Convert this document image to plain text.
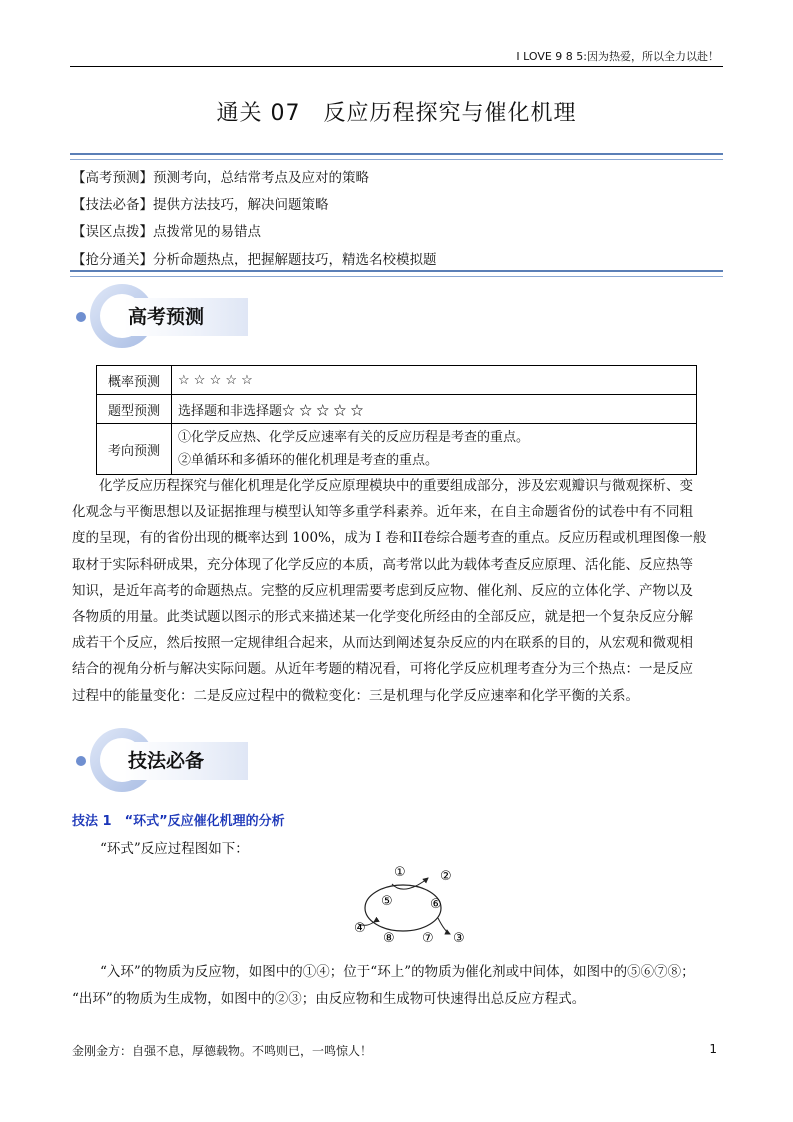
I LOVE 9 8 5:因为热爱，所以全力以赴！
通关 07　反应历程探究与催化机理
【高考预测】预测考向，总结常考点及应对的策略
【技法必备】提供方法技巧，解决问题策略
【误区点拨】点拨常见的易错点
【抢分通关】分析命题热点，把握解题技巧，精选名校模拟题
高考预测
概率预测	☆ ☆ ☆ ☆ ☆
题型预测	选择题和非选择题☆ ☆ ☆ ☆ ☆
考向预测	①化学反应热、化学反应速率有关的反应历程是考查的重点。
②单循环和多循环的催化机理是考查的重点。
化学反应历程探究与催化机理是化学反应原理模块中的重要组成部分，涉及宏观瓣识与微观探析、变
化观念与平衡思想以及证据推理与模型认知等多重学科素养。近年来，在自主命题省份的试卷中有不同粗
度的呈现，有的省份出现的概率达到 100%，成为 I 卷和II卷综合题考查的重点。反应历程或机理图像一般
取材于实际科研成果，充分体现了化学反应的本质，高考常以此为载体考查反应原理、活化能、反应热等
知识，是近年高考的命题热点。完整的反应机理需要考虑到反应物、催化剂、反应的立体化学、产物以及
各物质的用量。此类试题以图示的形式来描述某一化学变化所经由的全部反应，就是把一个复杂反应分解
成若干个反应，然后按照一定规律组合起来，从而达到阐述复杂反应的内在联系的目的，从宏观和微观相
结合的视角分析与解决实际问题。从近年考题的精况看，可将化学反应机理考查分为三个热点：一是反应
过程中的能量变化：二是反应过程中的微粒变化：三是机理与化学反应速率和化学平衡的关系。
技法必备
技法 1　“环式”反应催化机理的分析
“环式”反应过程图如下：
①	②
③
④
⑤	⑥
⑦
⑧
“入环”的物质为反应物，如图中的①④；位于“环上”的物质为催化剂或中间体，如图中的⑤⑥⑦⑧；
“出环”的物质为生成物，如图中的②③；由反应物和生成物可快速得出总反应方程式。
金刚金方：自强不息，厚德载物。不鸣则已，一鸣惊人！	1
